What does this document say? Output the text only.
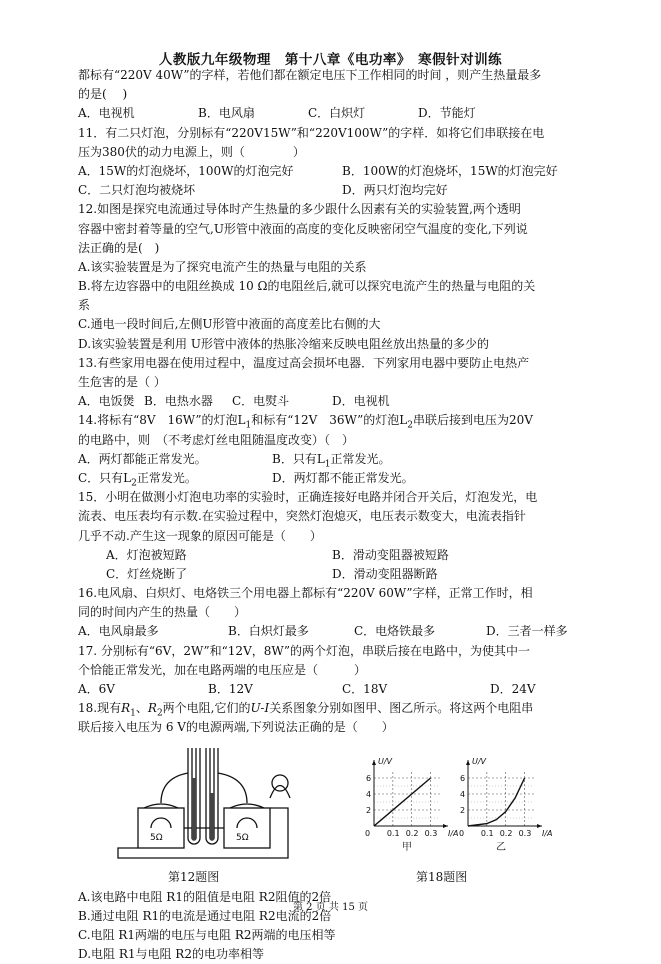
人教版九年级物理　第十八章《电功率》　寒假针对训练
都标有“220V 40W”的字样，若他们都在额定电压下工作相同的时间 ，则产生热量最多
的是(　 )
A．电视机	B．电风扇	C．白炽灯	D．节能灯
11．有二只灯泡，分别标有“220V15W”和“220V100W”的字样．如将它们串联接在电
压为380伏的动力电源上，则（　　　　）
A．15W的灯泡烧坏，100W的灯泡完好	B．100W的灯泡烧坏，15W的灯泡完好
C．二只灯泡均被烧坏	D．两只灯泡均完好
12.如图是探究电流通过导体时产生热量的多少跟什么因素有关的实验装置,两个透明
容器中密封着等量的空气,U形管中液面的高度的变化反映密闭空气温度的变化,下列说
法正确的是(　)
A.该实验装置是为了探究电流产生的热量与电阻的关系
B.将左边容器中的电阻丝换成 10 Ω的电阻丝后,就可以探究电流产生的热量与电阻的关
系
C.通电一段时间后,左侧U形管中液面的高度差比右侧的大
D.该实验装置是利用 U形管中液体的热胀冷缩来反映电阻丝放出热量的多少的
13.有些家用电器在使用过程中，温度过高会损坏电器．下列家用电器中要防止电热产
生危害的是（ ）
A．电饭煲 B．电热水器	C．电熨斗	D．电视机
14.将标有“8V　16W”的灯泡$L_1$和标有“12V　36W”的灯泡$L_2$串联后接到电压为20V
的电路中，则　（不考虑灯丝电阻随温度改变）（　）
A．两灯都能正常发光。	B．只有$L_1$正常发光。
C．只有$L_2$正常发光。	D．两灯都不能正常发光。
15．小明在做测小灯泡电功率的实验时，正确连接好电路并闭合开关后，灯泡发光，电
流表、电压表均有示数.在实验过程中，突然灯泡熄灭，电压表示数变大，电流表指针
几乎不动.产生这一现象的原因可能是（　　）
A．灯泡被短路	B．滑动变阻器被短路
C．灯丝烧断了	D．滑动变阻器断路
16.电风扇、白炽灯、电烙铁三个用电器上都标有“220V 60W”字样，正常工作时，相
同的时间内产生的热量（　　）
A．电风扇最多	B．白炽灯最多	C．电烙铁最多	D．三者一样多
17. 分别标有“6V，2W”和“12V，8W”的两个灯泡，串联后接在电路中，为使其中一
个恰能正常发光，加在电路两端的电压应是（　　　）
A．6V	B．12V	C．18V	D．24V
18.现有$R_1$、$R_2$两个电阻,它们的U-I关系图象分别如图甲、图乙所示。将这两个电阻串
联后接入电压为 6 V的电源两端,下列说法正确的是（　　）
5Ω	5Ω	0.1 0.2 0.3
2
4
6
0	I/A
U/V
甲
0.1 0.2 0.3
2
4
6
0	I/A
U/V
乙
第12题图	第18题图
A.该电路中电阻 R1的阻值是电阻 R2阻值的2倍
B.通过电阻 R1的电流是通过电阻 R2电流的2倍
C.电阻 R1两端的电压与电阻 R2两端的电压相等
D.电阻 R1与电阻 R2的电功率相等
第 2 页 共 15 页
